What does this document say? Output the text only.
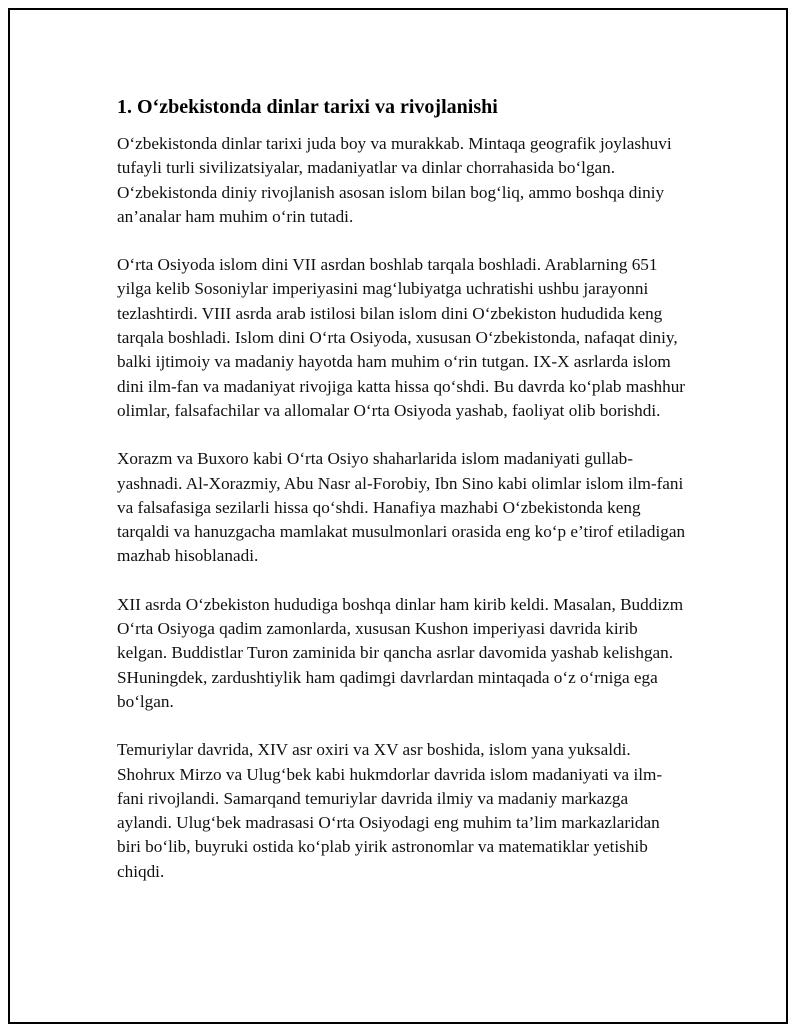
1. O‘zbekistonda dinlar tarixi va rivojlanishi

O‘zbekistonda dinlar tarixi juda boy va murakkab. Mintaqa geografik joylashuvi tufayli turli sivilizatsiyalar, madaniyatlar va dinlar chorrahasida bo‘lgan. O‘zbekistonda diniy rivojlanish asosan islom bilan bog‘liq, ammo boshqa diniy an’analar ham muhim o‘rin tutadi.

O‘rta Osiyoda islom dini VII asrdan boshlab tarqala boshladi. Arablarning 651 yilga kelib Sosoniylar imperiyasini mag‘lubiyatga uchratishi ushbu jarayonni tezlashtirdi. VIII asrda arab istilosi bilan islom dini O‘zbekiston hududida keng tarqala boshladi. Islom dini O‘rta Osiyoda, xususan O‘zbekistonda, nafaqat diniy, balki ijtimoiy va madaniy hayotda ham muhim o‘rin tutgan. IX-X asrlarda islom dini ilm-fan va madaniyat rivojiga katta hissa qo‘shdi. Bu davrda ko‘plab mashhur olimlar, falsafachilar va allomalar O‘rta Osiyoda yashab, faoliyat olib borishdi.

Xorazm va Buxoro kabi O‘rta Osiyo shaharlarida islom madaniyati gullab-yashnadi. Al-Xorazmiy, Abu Nasr al-Forobiy, Ibn Sino kabi olimlar islom ilm-fani va falsafasiga sezilarli hissa qo‘shdi. Hanafiya mazhabi O‘zbekistonda keng tarqaldi va hanuzgacha mamlakat musulmonlari orasida eng ko‘p e’tirof etiladigan mazhab hisoblanadi.

XII asrda O‘zbekiston hududiga boshqa dinlar ham kirib keldi. Masalan, Buddizm O‘rta Osiyoga qadim zamonlarda, xususan Kushon imperiyasi davrida kirib kelgan. Buddistlar Turon zaminida bir qancha asrlar davomida yashab kelishgan. SHuningdek, zardushtiylik ham qadimgi davrlardan mintaqada o‘z o‘rniga ega bo‘lgan.

Temuriylar davrida, XIV asr oxiri va XV asr boshida, islom yana yuksaldi. Shohrux Mirzo va Ulug‘bek kabi hukmdorlar davrida islom madaniyati va ilm-fani rivojlandi. Samarqand temuriylar davrida ilmiy va madaniy markazga aylandi. Ulug‘bek madrasasi O‘rta Osiyodagi eng muhim ta’lim markazlaridan biri bo‘lib, buyruki ostida ko‘plab yirik astronomlar va matematiklar yetishib chiqdi.
